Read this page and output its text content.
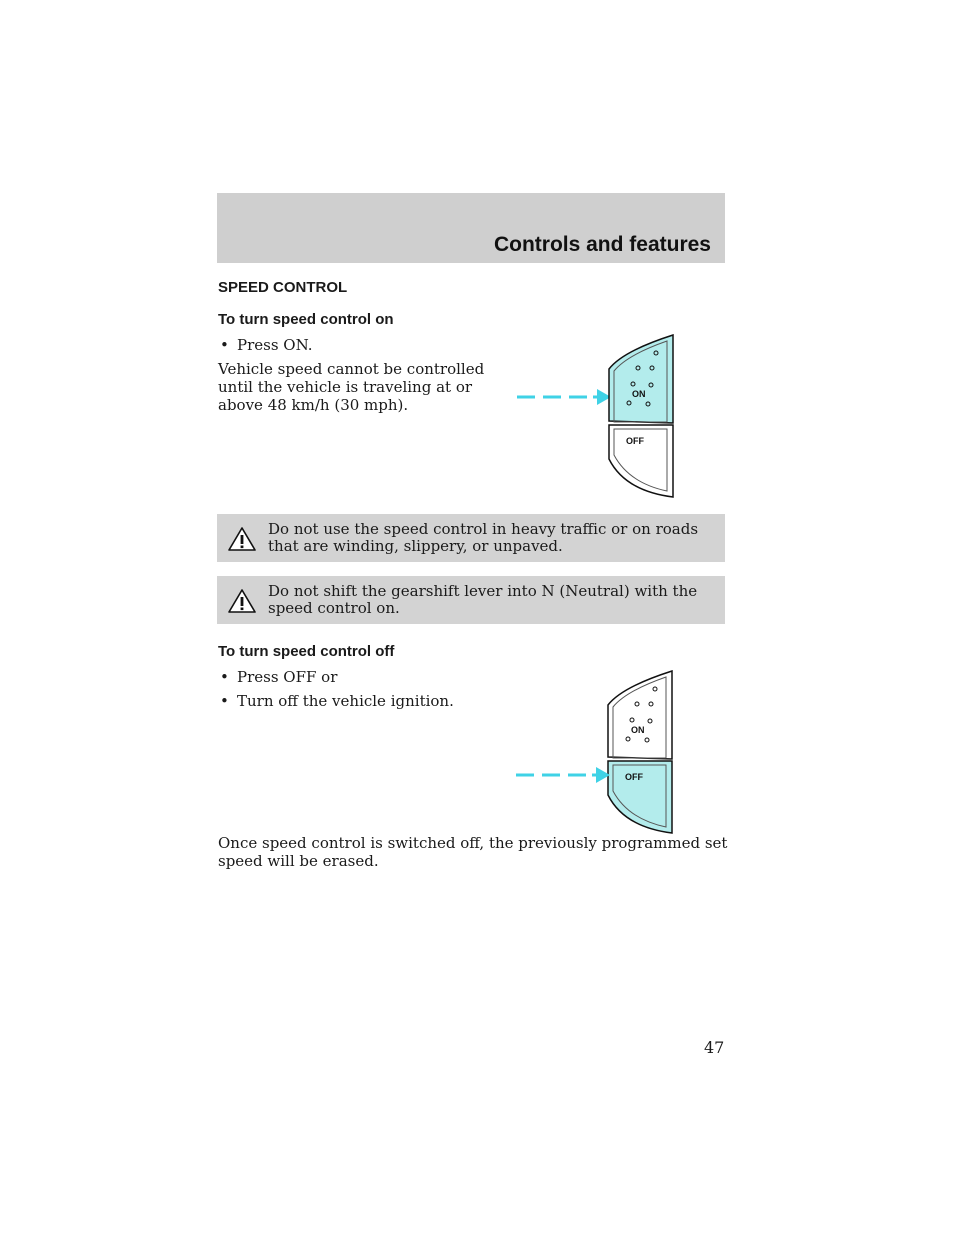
Controls and features
SPEED CONTROL
To turn speed control on
• Press ON.
Vehicle speed cannot be controlled until the vehicle is traveling at or above 48 km/h (30 mph).
ON
OFF
Do not use the speed control in heavy traffic or on roads that are winding, slippery, or unpaved.
Do not shift the gearshift lever into N (Neutral) with the speed control on.
To turn speed control off
• Press OFF or
• Turn off the vehicle ignition.
ON
OFF
Once speed control is switched off, the previously programmed set speed will be erased.
47
